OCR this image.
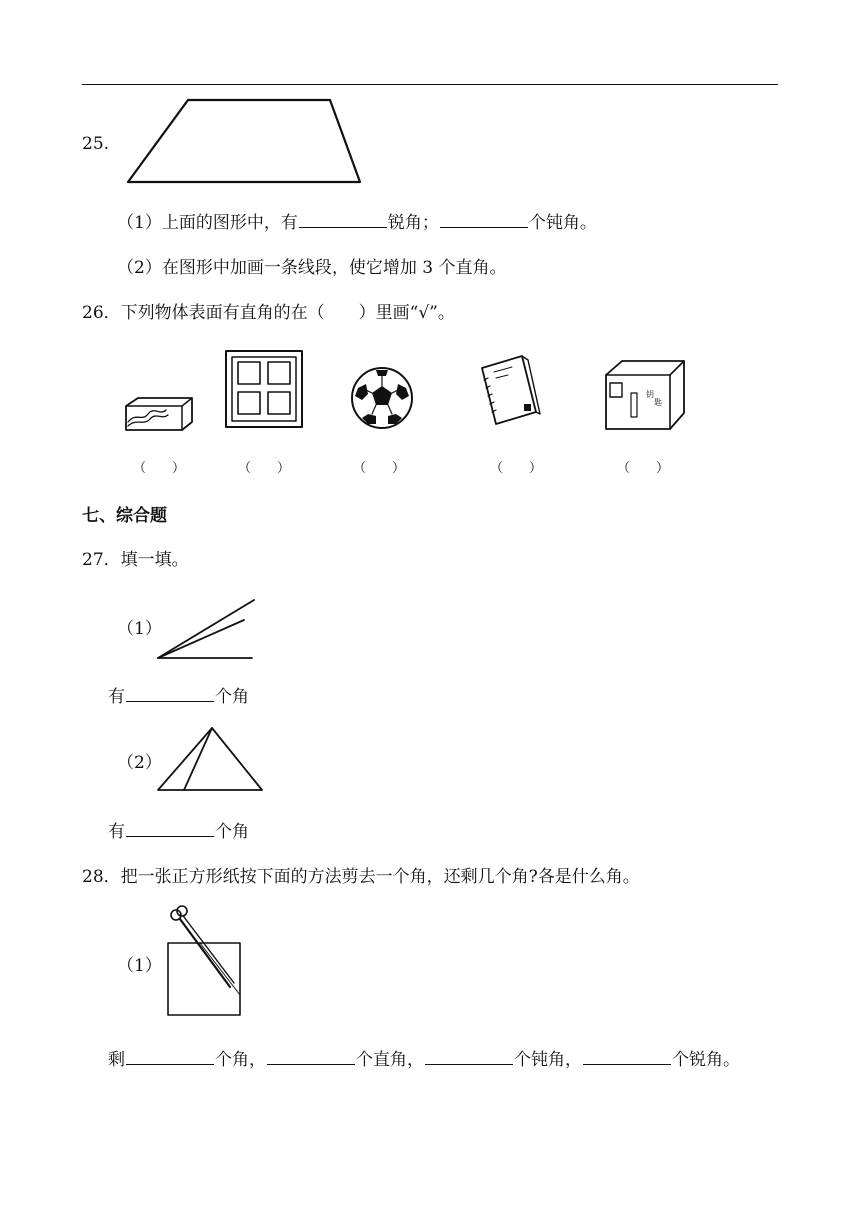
25.
（1）上面的图形中，有	锐角；	个钝角。
（2）在图形中加画一条线段，使它增加 3 个直角。
26．下列物体表面有直角的在（　　）里画“√”。
钥
匙
（　　）	（　　）	（　　）	（　　）	（　　）
七、综合题
27．填一填。
（1）
有	个角
（2）
有	个角
28．把一张正方形纸按下面的方法剪去一个角，还剩几个角?各是什么角。
（1）
剩	个角，	个直角，	个钝角，	个锐角。
